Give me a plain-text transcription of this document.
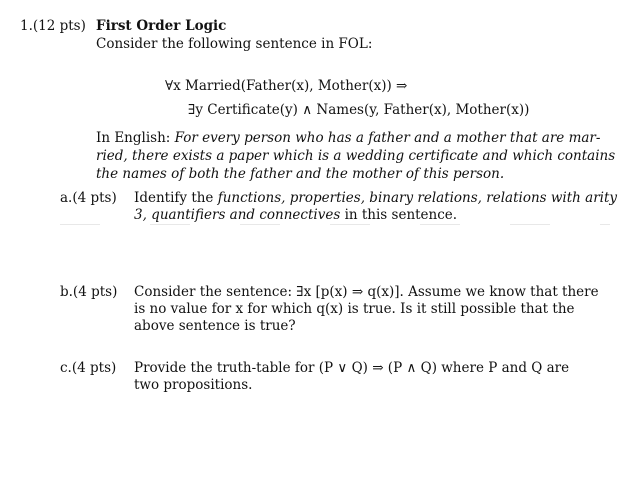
1.(12 pts) First Order Logic
Consider the following sentence in FOL:
∀x Married(Father(x), Mother(x)) ⇒
∃y Certificate(y) ∧ Names(y, Father(x), Mother(x))
In English: For every person who has a father and a mother that are mar-
ried, there exists a paper which is a wedding certificate and which contains
the names of both the father and the mother of this person.
a.(4 pts) Identify the functions, properties, binary relations, relations with arity
3, quantifiers and connectives in this sentence.
b.(4 pts) Consider the sentence: ∃x [p(x) ⇒ q(x)]. Assume we know that there
is no value for x for which q(x) is true. Is it still possible that the
above sentence is true?
c.(4 pts) Provide the truth-table for (P ∨ Q) ⇒ (P ∧ Q) where P and Q are
two propositions.
